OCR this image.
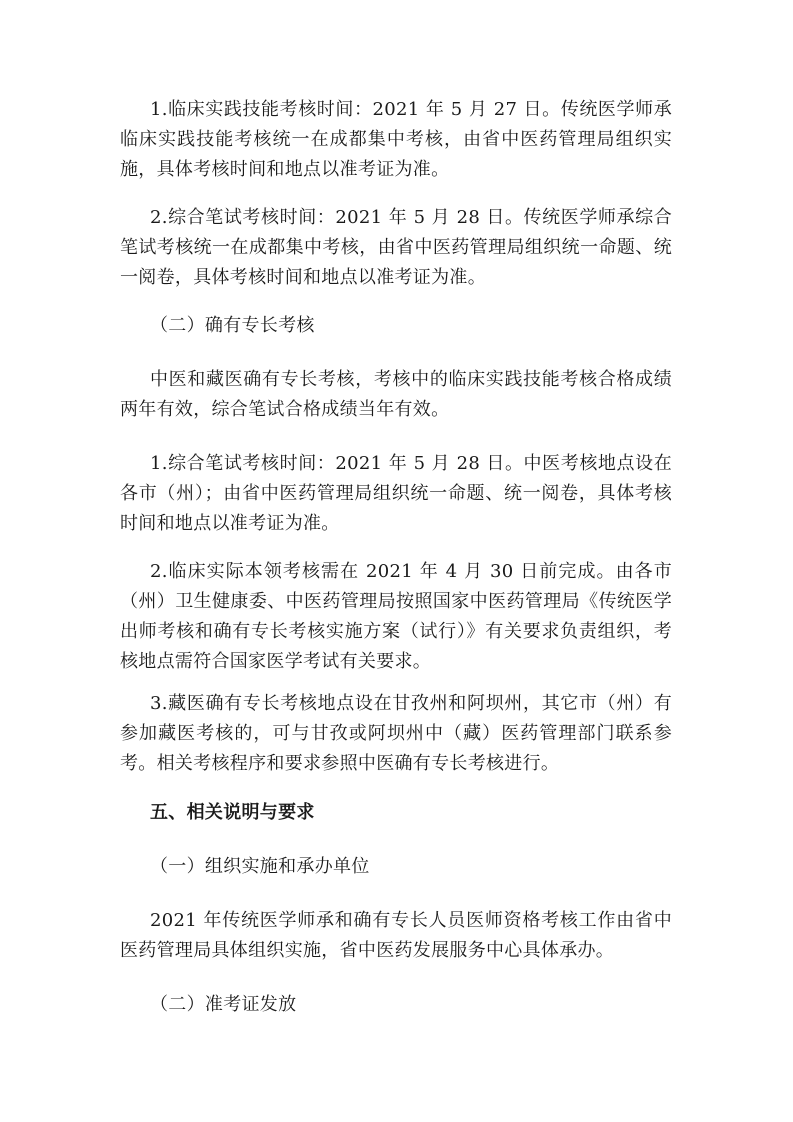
1.临床实践技能考核时间：2021 年 5 月 27 日。传统医学师承临床实践技能考核统一在成都集中考核，由省中医药管理局组织实施，具体考核时间和地点以准考证为准。

2.综合笔试考核时间：2021 年 5 月 28 日。传统医学师承综合笔试考核统一在成都集中考核，由省中医药管理局组织统一命题、统一阅卷，具体考核时间和地点以准考证为准。

（二）确有专长考核

中医和藏医确有专长考核，考核中的临床实践技能考核合格成绩两年有效，综合笔试合格成绩当年有效。

1.综合笔试考核时间：2021 年 5 月 28 日。中医考核地点设在各市（州）；由省中医药管理局组织统一命题、统一阅卷，具体考核时间和地点以准考证为准。

2.临床实际本领考核需在 2021 年 4 月 30 日前完成。由各市（州）卫生健康委、中医药管理局按照国家中医药管理局《传统医学出师考核和确有专长考核实施方案（试行）》有关要求负责组织，考核地点需符合国家医学考试有关要求。

3.藏医确有专长考核地点设在甘孜州和阿坝州，其它市（州）有参加藏医考核的，可与甘孜或阿坝州中（藏）医药管理部门联系参考。相关考核程序和要求参照中医确有专长考核进行。

五、相关说明与要求

（一）组织实施和承办单位

2021 年传统医学师承和确有专长人员医师资格考核工作由省中医药管理局具体组织实施，省中医药发展服务中心具体承办。

（二）准考证发放
